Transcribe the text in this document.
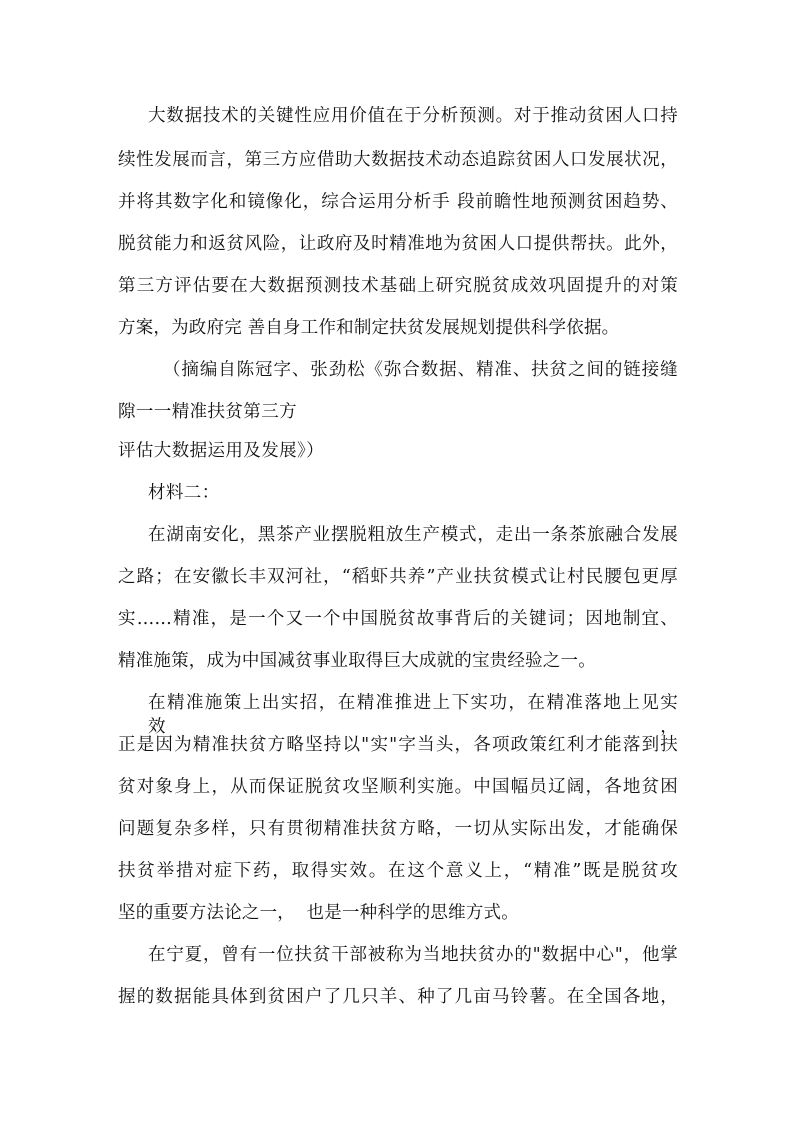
大数据技术的关键性应用价值在于分析预测。对于推动贫困人口持
续性发展而言，第三方应借助大数据技术动态追踪贫困人口发展状况，
并将其数字化和镜像化，综合运用分析手 段前瞻性地预测贫困趋势、
脱贫能力和返贫风险，让政府及时精准地为贫困人口提供帮扶。此外，
第三方评估要在大数据预测技术基础上研究脱贫成效巩固提升的对策
方案，为政府完 善自身工作和制定扶贫发展规划提供科学依据。
（摘编自陈冠字、张劲松《弥合数据、精准、扶贫之间的链接缝
隙一一精准扶贫第三方
评估大数据运用及发展》）
材料二：
在湖南安化，黑茶产业摆脱粗放生产模式，走出一条茶旅融合发展
之路；在安徽长丰双河社，“稻虾共养”产业扶贫模式让村民腰包更厚
实……精准，是一个又一个中国脱贫故事背后的关键词；因地制宜、
精准施策，成为中国减贫事业取得巨大成就的宝贵经验之一。
在精准施策上出实招，在精准推进上下实功，在精准落地上见实效，
正是因为精准扶贫方略坚持以"实"字当头，各项政策红利才能落到扶
贫对象身上，从而保证脱贫攻坚顺利实施。中国幅员辽阔，各地贫困
问题复杂多样，只有贯彻精准扶贫方略，一切从实际出发，才能确保
扶贫举措对症下药，取得实效。在这个意义上，“精准”既是脱贫攻
坚的重要方法论之一，  也是一种科学的思维方式。
在宁夏，曾有一位扶贫干部被称为当地扶贫办的"数据中心"，他掌
握的数据能具体到贫困户了几只羊、种了几亩马铃薯。在全国各地，
